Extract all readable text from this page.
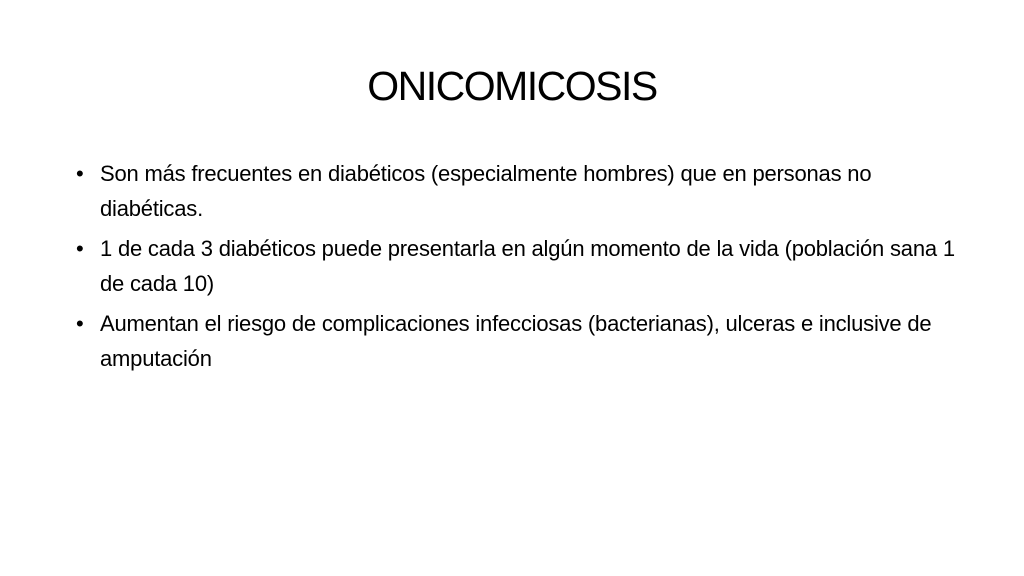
ONICOMICOSIS
• Son más frecuentes en diabéticos (especialmente hombres) que en personas no diabéticas.
• 1 de cada 3 diabéticos puede presentarla en algún momento de la vida (población sana 1 de cada 10)
• Aumentan el riesgo de complicaciones infecciosas (bacterianas), ulceras e inclusive de amputación
